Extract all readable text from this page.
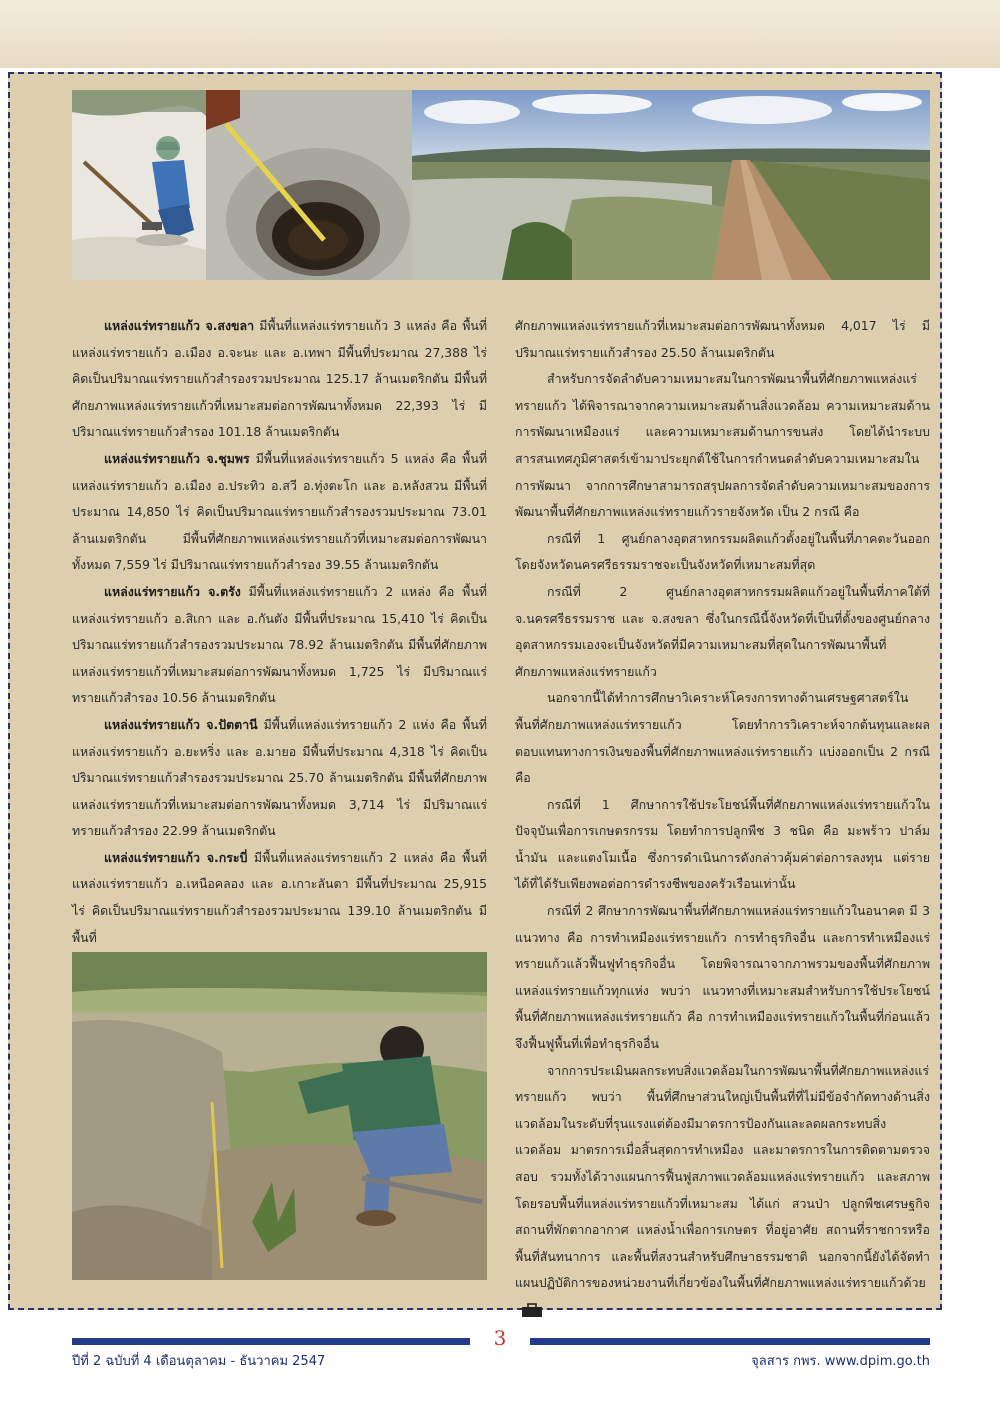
แหล่งแร่ทรายแก้ว จ.สงขลา มีพื้นที่แหล่งแร่ทรายแก้ว 3 แหล่ง คือ พื้นที่แหล่งแร่ทรายแก้ว อ.เมือง อ.จะนะ และ อ.เทพา มีพื้นที่ประมาณ 27,388 ไร่ คิดเป็นปริมาณแร่ทรายแก้วสำรองรวมประมาณ 125.17 ล้านเมตริกตัน มีพื้นที่ศักยภาพแหล่งแร่ทรายแก้วที่เหมาะสมต่อการพัฒนาทั้งหมด 22,393 ไร่ มีปริมาณแร่ทรายแก้วสำรอง 101.18 ล้านเมตริกตัน

แหล่งแร่ทรายแก้ว จ.ชุมพร มีพื้นที่แหล่งแร่ทรายแก้ว 5 แหล่ง คือ พื้นที่แหล่งแร่ทรายแก้ว อ.เมือง อ.ประทิว อ.สวี อ.ทุ่งตะโก และ อ.หลังสวน มีพื้นที่ประมาณ 14,850 ไร่ คิดเป็นปริมาณแร่ทรายแก้วสำรองรวมประมาณ 73.01 ล้านเมตริกตัน มีพื้นที่ศักยภาพแหล่งแร่ทรายแก้วที่เหมาะสมต่อการพัฒนาทั้งหมด 7,559 ไร่ มีปริมาณแร่ทรายแก้วสำรอง 39.55 ล้านเมตริกตัน

แหล่งแร่ทรายแก้ว จ.ตรัง มีพื้นที่แหล่งแร่ทรายแก้ว 2 แหล่ง คือ พื้นที่แหล่งแร่ทรายแก้ว อ.สิเกา และ อ.กันตัง มีพื้นที่ประมาณ 15,410 ไร่ คิดเป็นปริมาณแร่ทรายแก้วสำรองรวมประมาณ 78.92 ล้านเมตริกตัน มีพื้นที่ศักยภาพแหล่งแร่ทรายแก้วที่เหมาะสมต่อการพัฒนาทั้งหมด 1,725 ไร่ มีปริมาณแร่ทรายแก้วสำรอง 10.56 ล้านเมตริกตัน

แหล่งแร่ทรายแก้ว จ.ปัตตานี มีพื้นที่แหล่งแร่ทรายแก้ว 2 แห่ง คือ พื้นที่แหล่งแร่ทรายแก้ว อ.ยะหริ่ง และ อ.มายอ มีพื้นที่ประมาณ 4,318 ไร่ คิดเป็นปริมาณแร่ทรายแก้วสำรองรวมประมาณ 25.70 ล้านเมตริกตัน มีพื้นที่ศักยภาพแหล่งแร่ทรายแก้วที่เหมาะสมต่อการพัฒนาทั้งหมด 3,714 ไร่ มีปริมาณแร่ทรายแก้วสำรอง 22.99 ล้านเมตริกตัน

แหล่งแร่ทรายแก้ว จ.กระบี่ มีพื้นที่แหล่งแร่ทรายแก้ว 2 แหล่ง คือ พื้นที่แหล่งแร่ทรายแก้ว อ.เหนือคลอง และ อ.เกาะลันตา มีพื้นที่ประมาณ 25,915 ไร่ คิดเป็นปริมาณแร่ทรายแก้วสำรองรวมประมาณ 139.10 ล้านเมตริกตัน มีพื้นที่

ศักยภาพแหล่งแร่ทรายแก้วที่เหมาะสมต่อการพัฒนาทั้งหมด 4,017 ไร่ มีปริมาณแร่ทรายแก้วสำรอง 25.50 ล้านเมตริกตัน

สำหรับการจัดลำดับความเหมาะสมในการพัฒนาพื้นที่ศักยภาพแหล่งแร่ทรายแก้ว ได้พิจารณาจากความเหมาะสมด้านสิ่งแวดล้อม ความเหมาะสมด้านการพัฒนาเหมืองแร่ และความเหมาะสมด้านการขนส่ง โดยได้นำระบบสารสนเทศภูมิศาสตร์เข้ามาประยุกต์ใช้ในการกำหนดลำดับความเหมาะสมในการพัฒนา จากการศึกษาสามารถสรุปผลการจัดลำดับความเหมาะสมของการพัฒนาพื้นที่ศักยภาพแหล่งแร่ทรายแก้วรายจังหวัด เป็น 2 กรณี คือ

กรณีที่ 1 ศูนย์กลางอุตสาหกรรมผลิตแก้วตั้งอยู่ในพื้นที่ภาคตะวันออก โดยจังหวัดนครศรีธรรมราชจะเป็นจังหวัดที่เหมาะสมที่สุด

กรณีที่ 2 ศูนย์กลางอุตสาหกรรมผลิตแก้วอยู่ในพื้นที่ภาคใต้ที่ จ.นครศรีธรรมราช และ จ.สงขลา ซึ่งในกรณีนี้จังหวัดที่เป็นที่ตั้งของศูนย์กลางอุตสาหกรรมเองจะเป็นจังหวัดที่มีความเหมาะสมที่สุดในการพัฒนาพื้นที่ศักยภาพแหล่งแร่ทรายแก้ว

นอกจากนี้ได้ทำการศึกษาวิเคราะห์โครงการทางด้านเศรษฐศาสตร์ในพื้นที่ศักยภาพแหล่งแร่ทรายแก้ว โดยทำการวิเคราะห์จากต้นทุนและผลตอบแทนทางการเงินของพื้นที่ศักยภาพแหล่งแร่ทรายแก้ว แบ่งออกเป็น 2 กรณี คือ

กรณีที่ 1 ศึกษาการใช้ประโยชน์พื้นที่ศักยภาพแหล่งแร่ทรายแก้วในปัจจุบันเพื่อการเกษตรกรรม โดยทำการปลูกพืช 3 ชนิด คือ มะพร้าว ปาล์มน้ำมัน และแตงโมเนื้อ ซึ่งการดำเนินการดังกล่าวคุ้มค่าต่อการลงทุน แต่รายได้ที่ได้รับเพียงพอต่อการดำรงชีพของครัวเรือนเท่านั้น

กรณีที่ 2 ศึกษาการพัฒนาพื้นที่ศักยภาพแหล่งแร่ทรายแก้วในอนาคต มี 3 แนวทาง คือ การทำเหมืองแร่ทรายแก้ว การทำธุรกิจอื่น และการทำเหมืองแร่ทรายแก้วแล้วฟื้นฟูทำธุรกิจอื่น โดยพิจารณาจากภาพรวมของพื้นที่ศักยภาพแหล่งแร่ทรายแก้วทุกแห่ง พบว่า แนวทางที่เหมาะสมสำหรับการใช้ประโยชน์พื้นที่ศักยภาพแหล่งแร่ทรายแก้ว คือ การทำเหมืองแร่ทรายแก้วในพื้นที่ก่อนแล้วจึงฟื้นฟูพื้นที่เพื่อทำธุรกิจอื่น

จากการประเมินผลกระทบสิ่งแวดล้อมในการพัฒนาพื้นที่ศักยภาพแหล่งแร่ทรายแก้ว พบว่า พื้นที่ศึกษาส่วนใหญ่เป็นพื้นที่ที่ไม่มีข้อจำกัดทางด้านสิ่งแวดล้อมในระดับที่รุนแรงแต่ต้องมีมาตรการป้องกันและลดผลกระทบสิ่งแวดล้อม มาตรการเมื่อสิ้นสุดการทำเหมือง และมาตรการในการติดตามตรวจสอบ รวมทั้งได้วางแผนการฟื้นฟูสภาพแวดล้อมแหล่งแร่ทรายแก้ว และสภาพโดยรอบพื้นที่แหล่งแร่ทรายแก้วที่เหมาะสม ได้แก่ สวนป่า ปลูกพืชเศรษฐกิจ สถานที่พักตากอากาศ แหล่งน้ำเพื่อการเกษตร ที่อยู่อาศัย สถานที่ราชการหรือพื้นที่สันทนาการ และพื้นที่สงวนสำหรับศึกษาธรรมชาติ นอกจากนี้ยังได้จัดทำแผนปฏิบัติการของหน่วยงานที่เกี่ยวข้องในพื้นที่ศักยภาพแหล่งแร่ทรายแก้วด้วย

3
ปีที่ 2 ฉบับที่ 4 เดือนตุลาคม - ธันวาคม 2547	จุลสาร กพร. www.dpim.go.th
